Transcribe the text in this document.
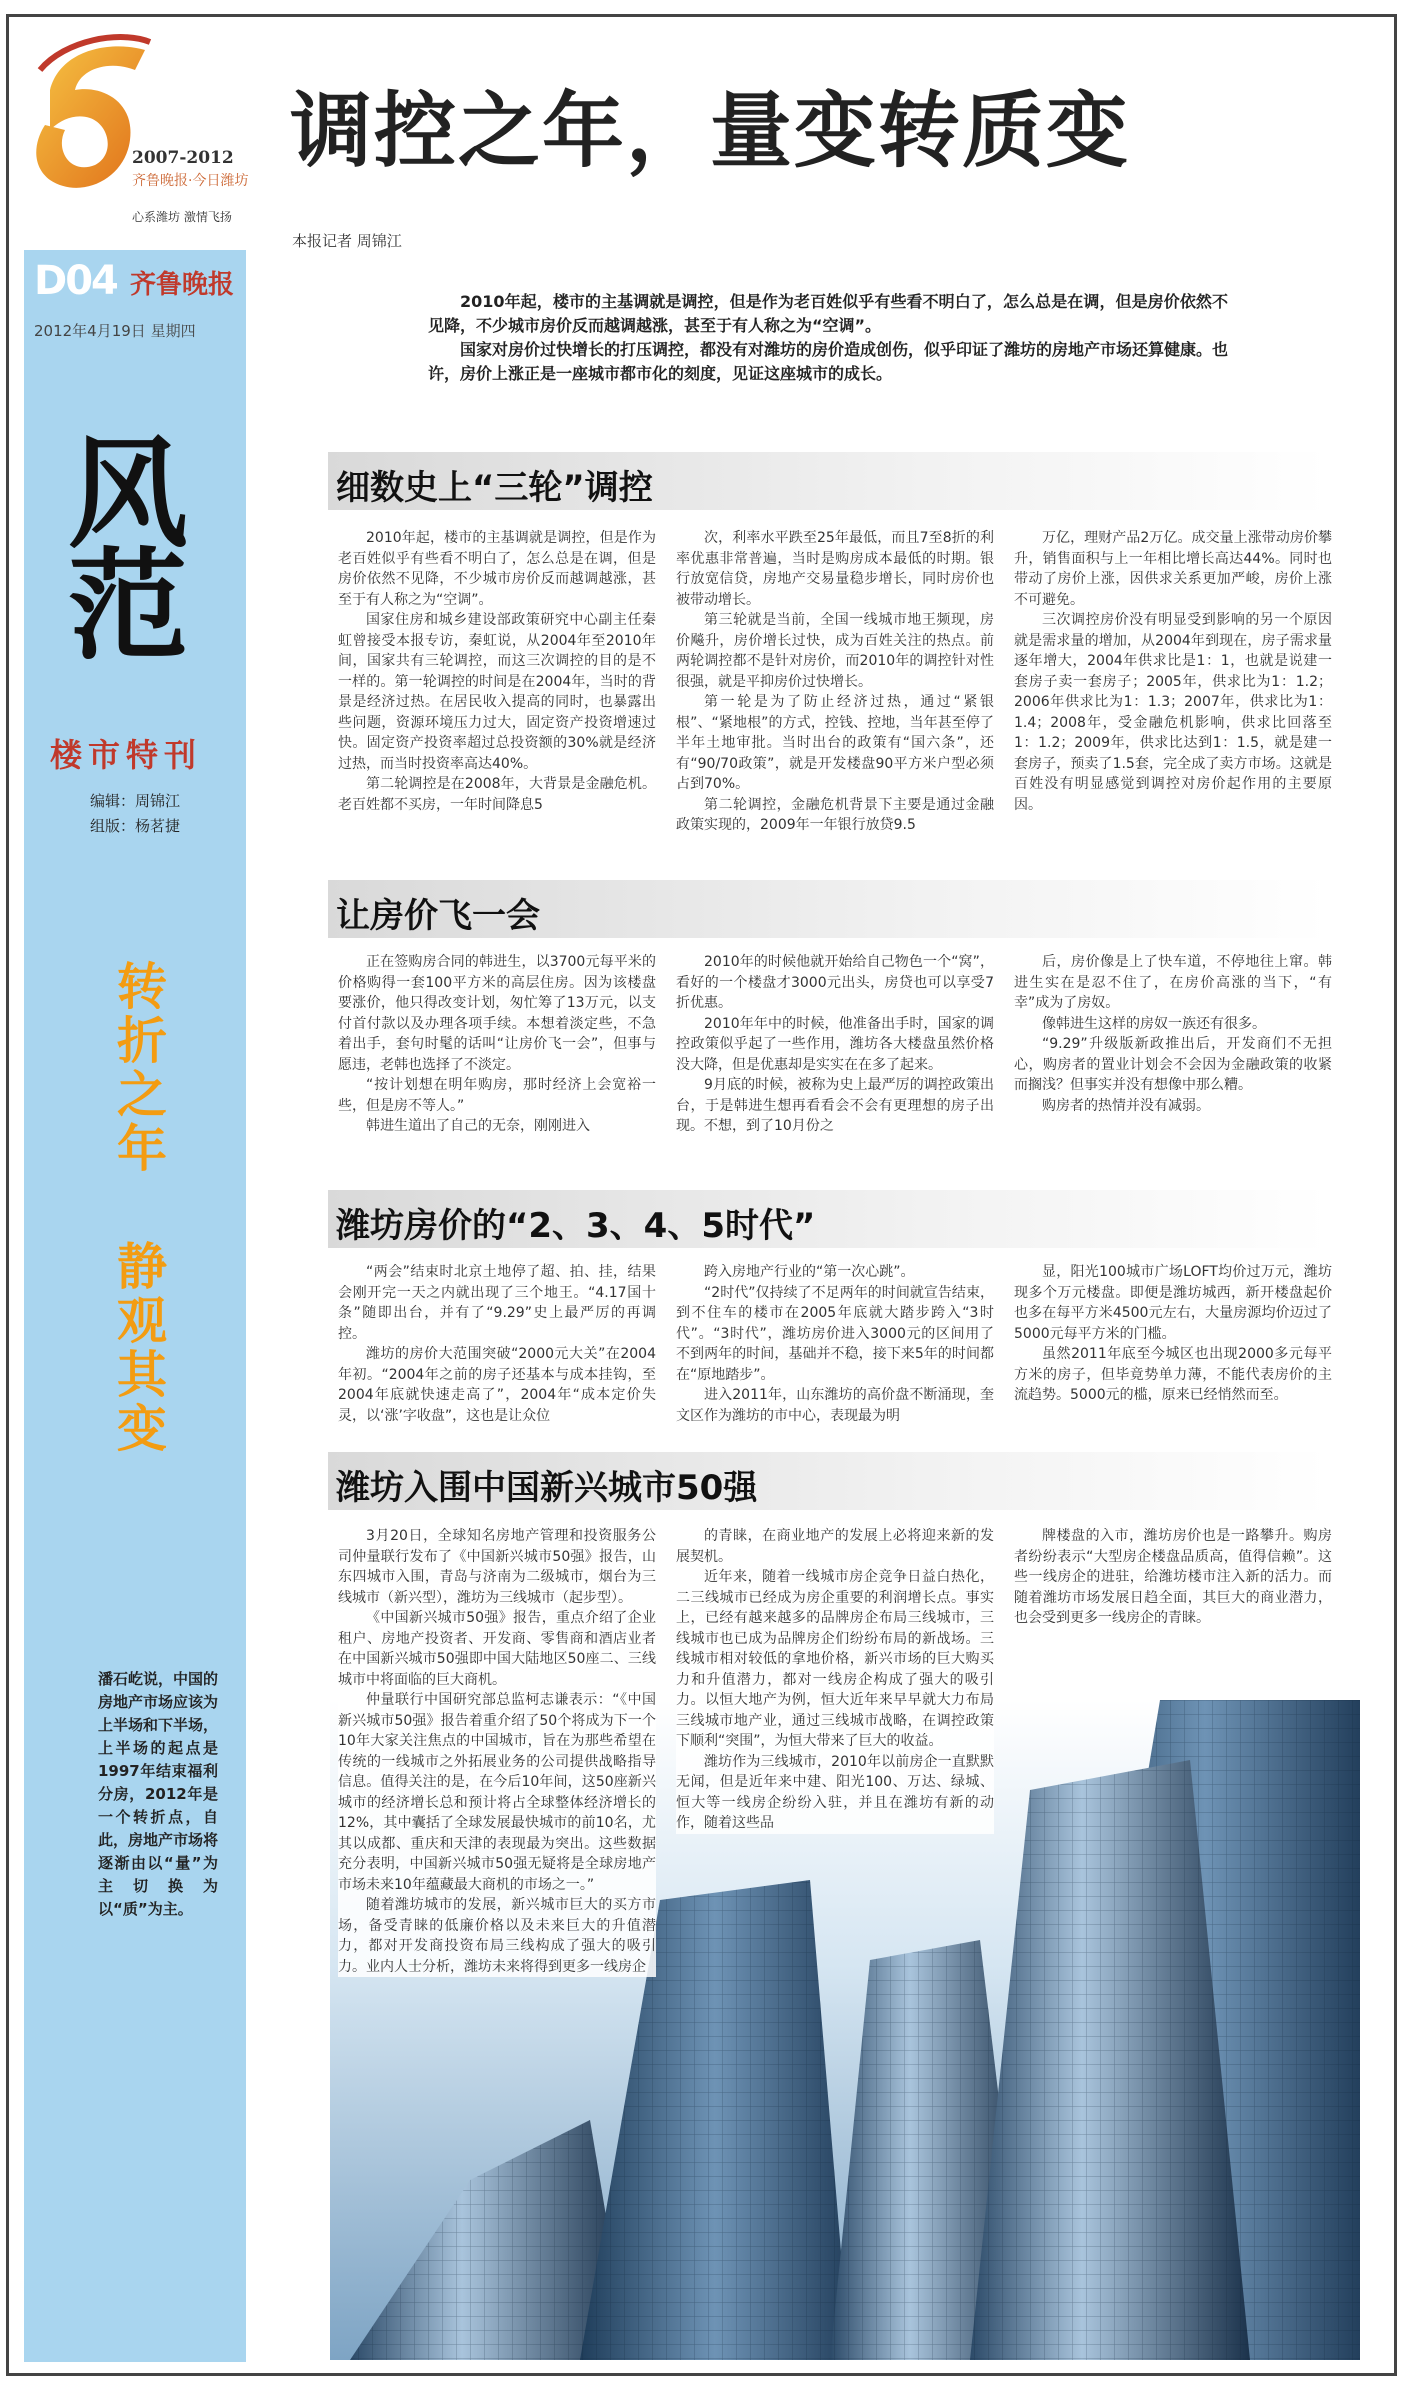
2007-2012
齐鲁晚报·今日潍坊
心系潍坊 激情飞扬
调控之年，量变转质变
本报记者 周锦江
D04 齐鲁晚报
2012年4月19日 星期四
风范
楼市特刊
编辑：周锦江
组版：杨茗捷
转折之年
静观其变
潘石屹说，中国的房地产市场应该为上半场和下半场，上半场的起点是1997年结束福利分房，2012年是一个转折点，自此，房地产市场将逐渐由以“量”为主切换为以“质”为主。

2010年起，楼市的主基调就是调控，但是作为老百姓似乎有些看不明白了，怎么总是在调，但是房价依然不见降，不少城市房价反而越调越涨，甚至于有人称之为“空调”。

国家对房价过快增长的打压调控，都没有对潍坊的房价造成创伤，似乎印证了潍坊的房地产市场还算健康。也许，房价上涨正是一座城市都市化的刻度，见证这座城市的成长。

细数史上“三轮”调控

2010年起，楼市的主基调就是调控，但是作为老百姓似乎有些看不明白了，怎么总是在调，但是房价依然不见降，不少城市房价反而越调越涨，甚至于有人称之为“空调”。

国家住房和城乡建设部政策研究中心副主任秦虹曾接受本报专访，秦虹说，从2004年至2010年间，国家共有三轮调控，而这三次调控的目的是不一样的。第一轮调控的时间是在2004年，当时的背景是经济过热。在居民收入提高的同时，也暴露出些问题，资源环境压力过大，固定资产投资增速过快。固定资产投资率超过总投资额的30%就是经济过热，而当时投资率高达40%。

第二轮调控是在2008年，大背景是金融危机。老百姓都不买房，一年时间降息5

次，利率水平跌至25年最低，而且7至8折的利率优惠非常普遍，当时是购房成本最低的时期。银行放宽信贷，房地产交易量稳步增长，同时房价也被带动增长。

第三轮就是当前，全国一线城市地王频现，房价飚升，房价增长过快，成为百姓关注的热点。前两轮调控都不是针对房价，而2010年的调控针对性很强，就是平抑房价过快增长。

第一轮是为了防止经济过热，通过“紧银根”、“紧地根”的方式，控钱、控地，当年甚至停了半年土地审批。当时出台的政策有“国六条”，还有“90/70政策”，就是开发楼盘90平方米户型必须占到70%。

第二轮调控，金融危机背景下主要是通过金融政策实现的，2009年一年银行放贷9.5

万亿，理财产品2万亿。成交量上涨带动房价攀升，销售面积与上一年相比增长高达44%。同时也带动了房价上涨，因供求关系更加严峻，房价上涨不可避免。

三次调控房价没有明显受到影响的另一个原因就是需求量的增加，从2004年到现在，房子需求量逐年增大，2004年供求比是1：1，也就是说建一套房子卖一套房子；2005年，供求比为1：1.2；2006年供求比为1：1.3；2007年，供求比为1：1.4；2008年，受金融危机影响，供求比回落至1：1.2；2009年，供求比达到1：1.5，就是建一套房子，预卖了1.5套，完全成了卖方市场。这就是百姓没有明显感觉到调控对房价起作用的主要原因。

让房价飞一会

正在签购房合同的韩进生，以3700元每平米的价格购得一套100平方米的高层住房。因为该楼盘要涨价，他只得改变计划，匆忙筹了13万元，以支付首付款以及办理各项手续。本想着淡定些，不急着出手，套句时髦的话叫“让房价飞一会”，但事与愿违，老韩也选择了不淡定。

“按计划想在明年购房，那时经济上会宽裕一些，但是房不等人。”

韩进生道出了自己的无奈，刚刚进入

2010年的时候他就开始给自己物色一个“窝”，看好的一个楼盘才3000元出头，房贷也可以享受7折优惠。

2010年年中的时候，他准备出手时，国家的调控政策似乎起了一些作用，潍坊各大楼盘虽然价格没大降，但是优惠却是实实在在多了起来。

9月底的时候，被称为史上最严厉的调控政策出台，于是韩进生想再看看会不会有更理想的房子出现。不想，到了10月份之

后，房价像是上了快车道，不停地往上窜。韩进生实在是忍不住了，在房价高涨的当下，“有幸”成为了房奴。

像韩进生这样的房奴一族还有很多。

“9.29”升级版新政推出后，开发商们不无担心，购房者的置业计划会不会因为金融政策的收紧而搁浅？但事实并没有想像中那么糟。

购房者的热情并没有减弱。

潍坊房价的“2、3、4、5时代”

“两会”结束时北京土地停了超、拍、挂，结果会刚开完一天之内就出现了三个地王。“4.17国十条”随即出台，并有了“9.29”史上最严厉的再调控。

潍坊的房价大范围突破“2000元大关”在2004年初。“2004年之前的房子还基本与成本挂钩，至2004年底就快速走高了”，2004年“成本定价失灵，以‘涨’字收盘”，这也是让众位

跨入房地产行业的“第一次心跳”。

“2时代”仅持续了不足两年的时间就宣告结束，到不住车的楼市在2005年底就大踏步跨入“3时代”。“3时代”，潍坊房价进入3000元的区间用了不到两年的时间，基础并不稳，接下来5年的时间都在“原地踏步”。

进入2011年，山东潍坊的高价盘不断涌现，奎文区作为潍坊的市中心，表现最为明

显，阳光100城市广场LOFT均价过万元，潍坊现多个万元楼盘。即便是潍坊城西，新开楼盘起价也多在每平方米4500元左右，大量房源均价迈过了5000元每平方米的门槛。

虽然2011年底至今城区也出现2000多元每平方米的房子，但毕竟势单力薄，不能代表房价的主流趋势。5000元的槛，原来已经悄然而至。

潍坊入围中国新兴城市50强

3月20日，全球知名房地产管理和投资服务公司仲量联行发布了《中国新兴城市50强》报告，山东四城市入围，青岛与济南为二级城市，烟台为三线城市（新兴型），潍坊为三线城市（起步型）。

《中国新兴城市50强》报告，重点介绍了企业租户、房地产投资者、开发商、零售商和酒店业者在中国新兴城市50强即中国大陆地区50座二、三线城市中将面临的巨大商机。

仲量联行中国研究部总监柯志谦表示：“《中国新兴城市50强》报告着重介绍了50个将成为下一个10年大家关注焦点的中国城市，旨在为那些希望在传统的一线城市之外拓展业务的公司提供战略指导信息。值得关注的是，在今后10年间，这50座新兴城市的经济增长总和预计将占全球整体经济增长的12%，其中囊括了全球发展最快城市的前10名，尤其以成都、重庆和天津的表现最为突出。这些数据充分表明，中国新兴城市50强无疑将是全球房地产市场未来10年蕴藏最大商机的市场之一。”

随着潍坊城市的发展，新兴城市巨大的买方市场，备受青睐的低廉价格以及未来巨大的升值潜力，都对开发商投资布局三线构成了强大的吸引力。业内人士分析，潍坊未来将得到更多一线房企

的青睐，在商业地产的发展上必将迎来新的发展契机。

近年来，随着一线城市房企竞争日益白热化，二三线城市已经成为房企重要的利润增长点。事实上，已经有越来越多的品牌房企布局三线城市，三线城市也已成为品牌房企们纷纷布局的新战场。三线城市相对较低的拿地价格，新兴市场的巨大购买力和升值潜力，都对一线房企构成了强大的吸引力。以恒大地产为例，恒大近年来早早就大力布局三线城市地产业，通过三线城市战略，在调控政策下顺利“突围”，为恒大带来了巨大的收益。

潍坊作为三线城市，2010年以前房企一直默默无闻，但是近年来中建、阳光100、万达、绿城、恒大等一线房企纷纷入驻，并且在潍坊有新的动作，随着这些品

牌楼盘的入市，潍坊房价也是一路攀升。购房者纷纷表示“大型房企楼盘品质高，值得信赖”。这些一线房企的进驻，给潍坊楼市注入新的活力。而随着潍坊市场发展日趋全面，其巨大的商业潜力，也会受到更多一线房企的青睐。
